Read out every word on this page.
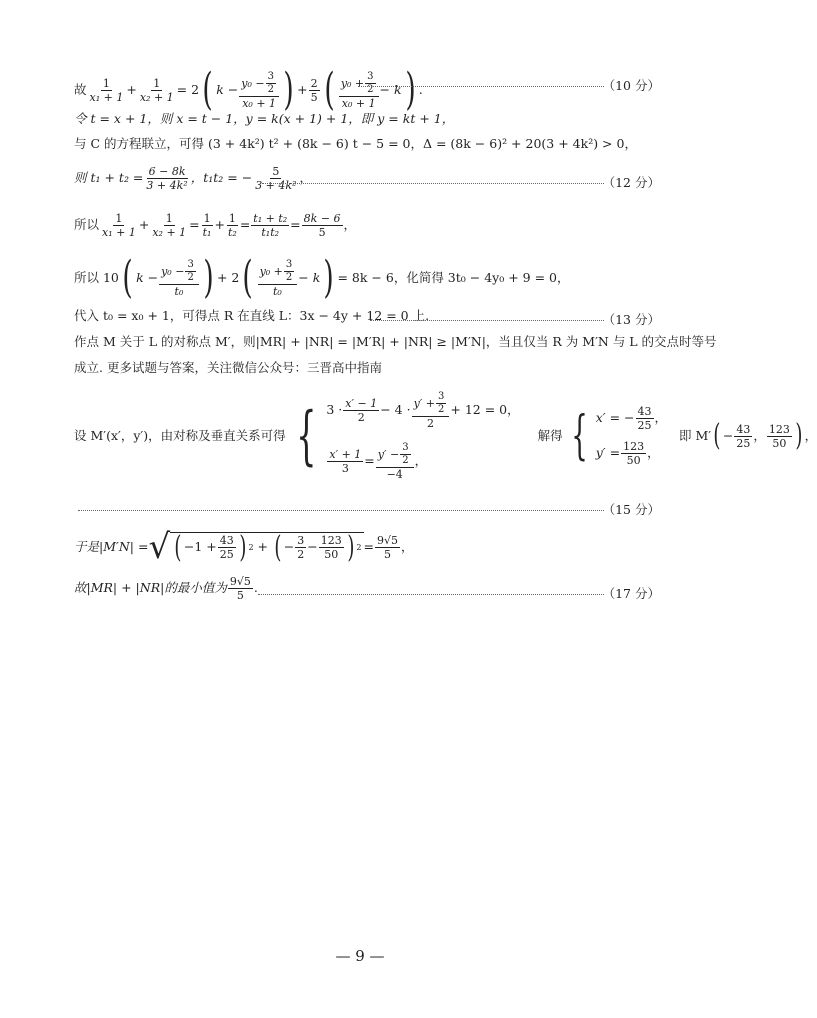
故 $\frac{1}{\text{x₁ + 1}} + \frac{1}{\text{x₂ + 1}} = 2$ ( $k - \frac{y_0 - \frac{3}{2}}{\text{x₀ + 1}}$ ) + $\frac{2}{5}$ ( $\frac{y_0 + \frac{3}{2}}{\text{x₀ + 1}} - k$ ) .	（10 分）
令 t = x + 1，则 x = t − 1，y = k(x + 1) + 1，即 y = kt + 1，
与 C 的方程联立，可得 (3 + 4k²) t² + (8k − 6) t − 5 = 0，Δ = (8k − 6)² + 20(3 + 4k²) > 0，
则 $t_1 + t_2 = \frac{6 - 8k}{\text{3 + 4k²}}$ ，t₁t₂ = − $\frac{5}{\text{3 + 4k²}}$ ，	（12 分）
所以 $\frac{1}{\text{x₁ + 1}} + \frac{1}{\text{x₂ + 1}} = \frac{1}{\text{t₁}} + \frac{1}{\text{t₂}} = \frac{\text{t₁ + t₂}}{\text{t₁t₂}} = \frac{8k - 6}{5}$ ，
所以 10 ( $k - \frac{y_0 - \frac{3}{2}}{\text{t₀}}$ ) + 2 ( $\frac{y_0 + \frac{3}{2}}{\text{t₀}} - k$ ) = 8k − 6，化简得 3t₀ − 4y₀ + 9 = 0，
代入 t₀ = x₀ + 1，可得点 R 在直线 L：3x − 4y + 12 = 0 上.	（13 分）
作点 M 关于 L 的对称点 M′，则|MR| + |NR| = |M′R| + |NR| ≥ |M′N|，当且仅当 R 为 M′N 与 L 的交点时等号
成立. 更多试题与答案，关注微信公众号：三晋高中指南
设 M′(x′，y′)，由对称及垂直关系可得 { $3 \cdot \frac{x' - 1}{2} - 4 \cdot \frac{y' + \frac{3}{2}}{2} + 12 = 0$，
$\frac{x' + 1}{3} = \frac{y' - \frac{3}{2}}{-4}$ ，
解得 { x′ = − $\frac{43}{25}$ ，
$y' = \frac{123}{50}$ ，
即 M′ ( − $\frac{43}{25}$ ， $\frac{123}{50}$ ) ，
（15 分）
于是|M′N| = √ ( $-1 + \frac{43}{25}$ ) 2 + ( − $\frac{3}{2} - \frac{123}{50}$ ) $2 = \frac{9√5}{5}$ ，
故|MR| + |NR|的最小值为 $\frac{9√5}{5}$ .	（17 分）
— 9 —
